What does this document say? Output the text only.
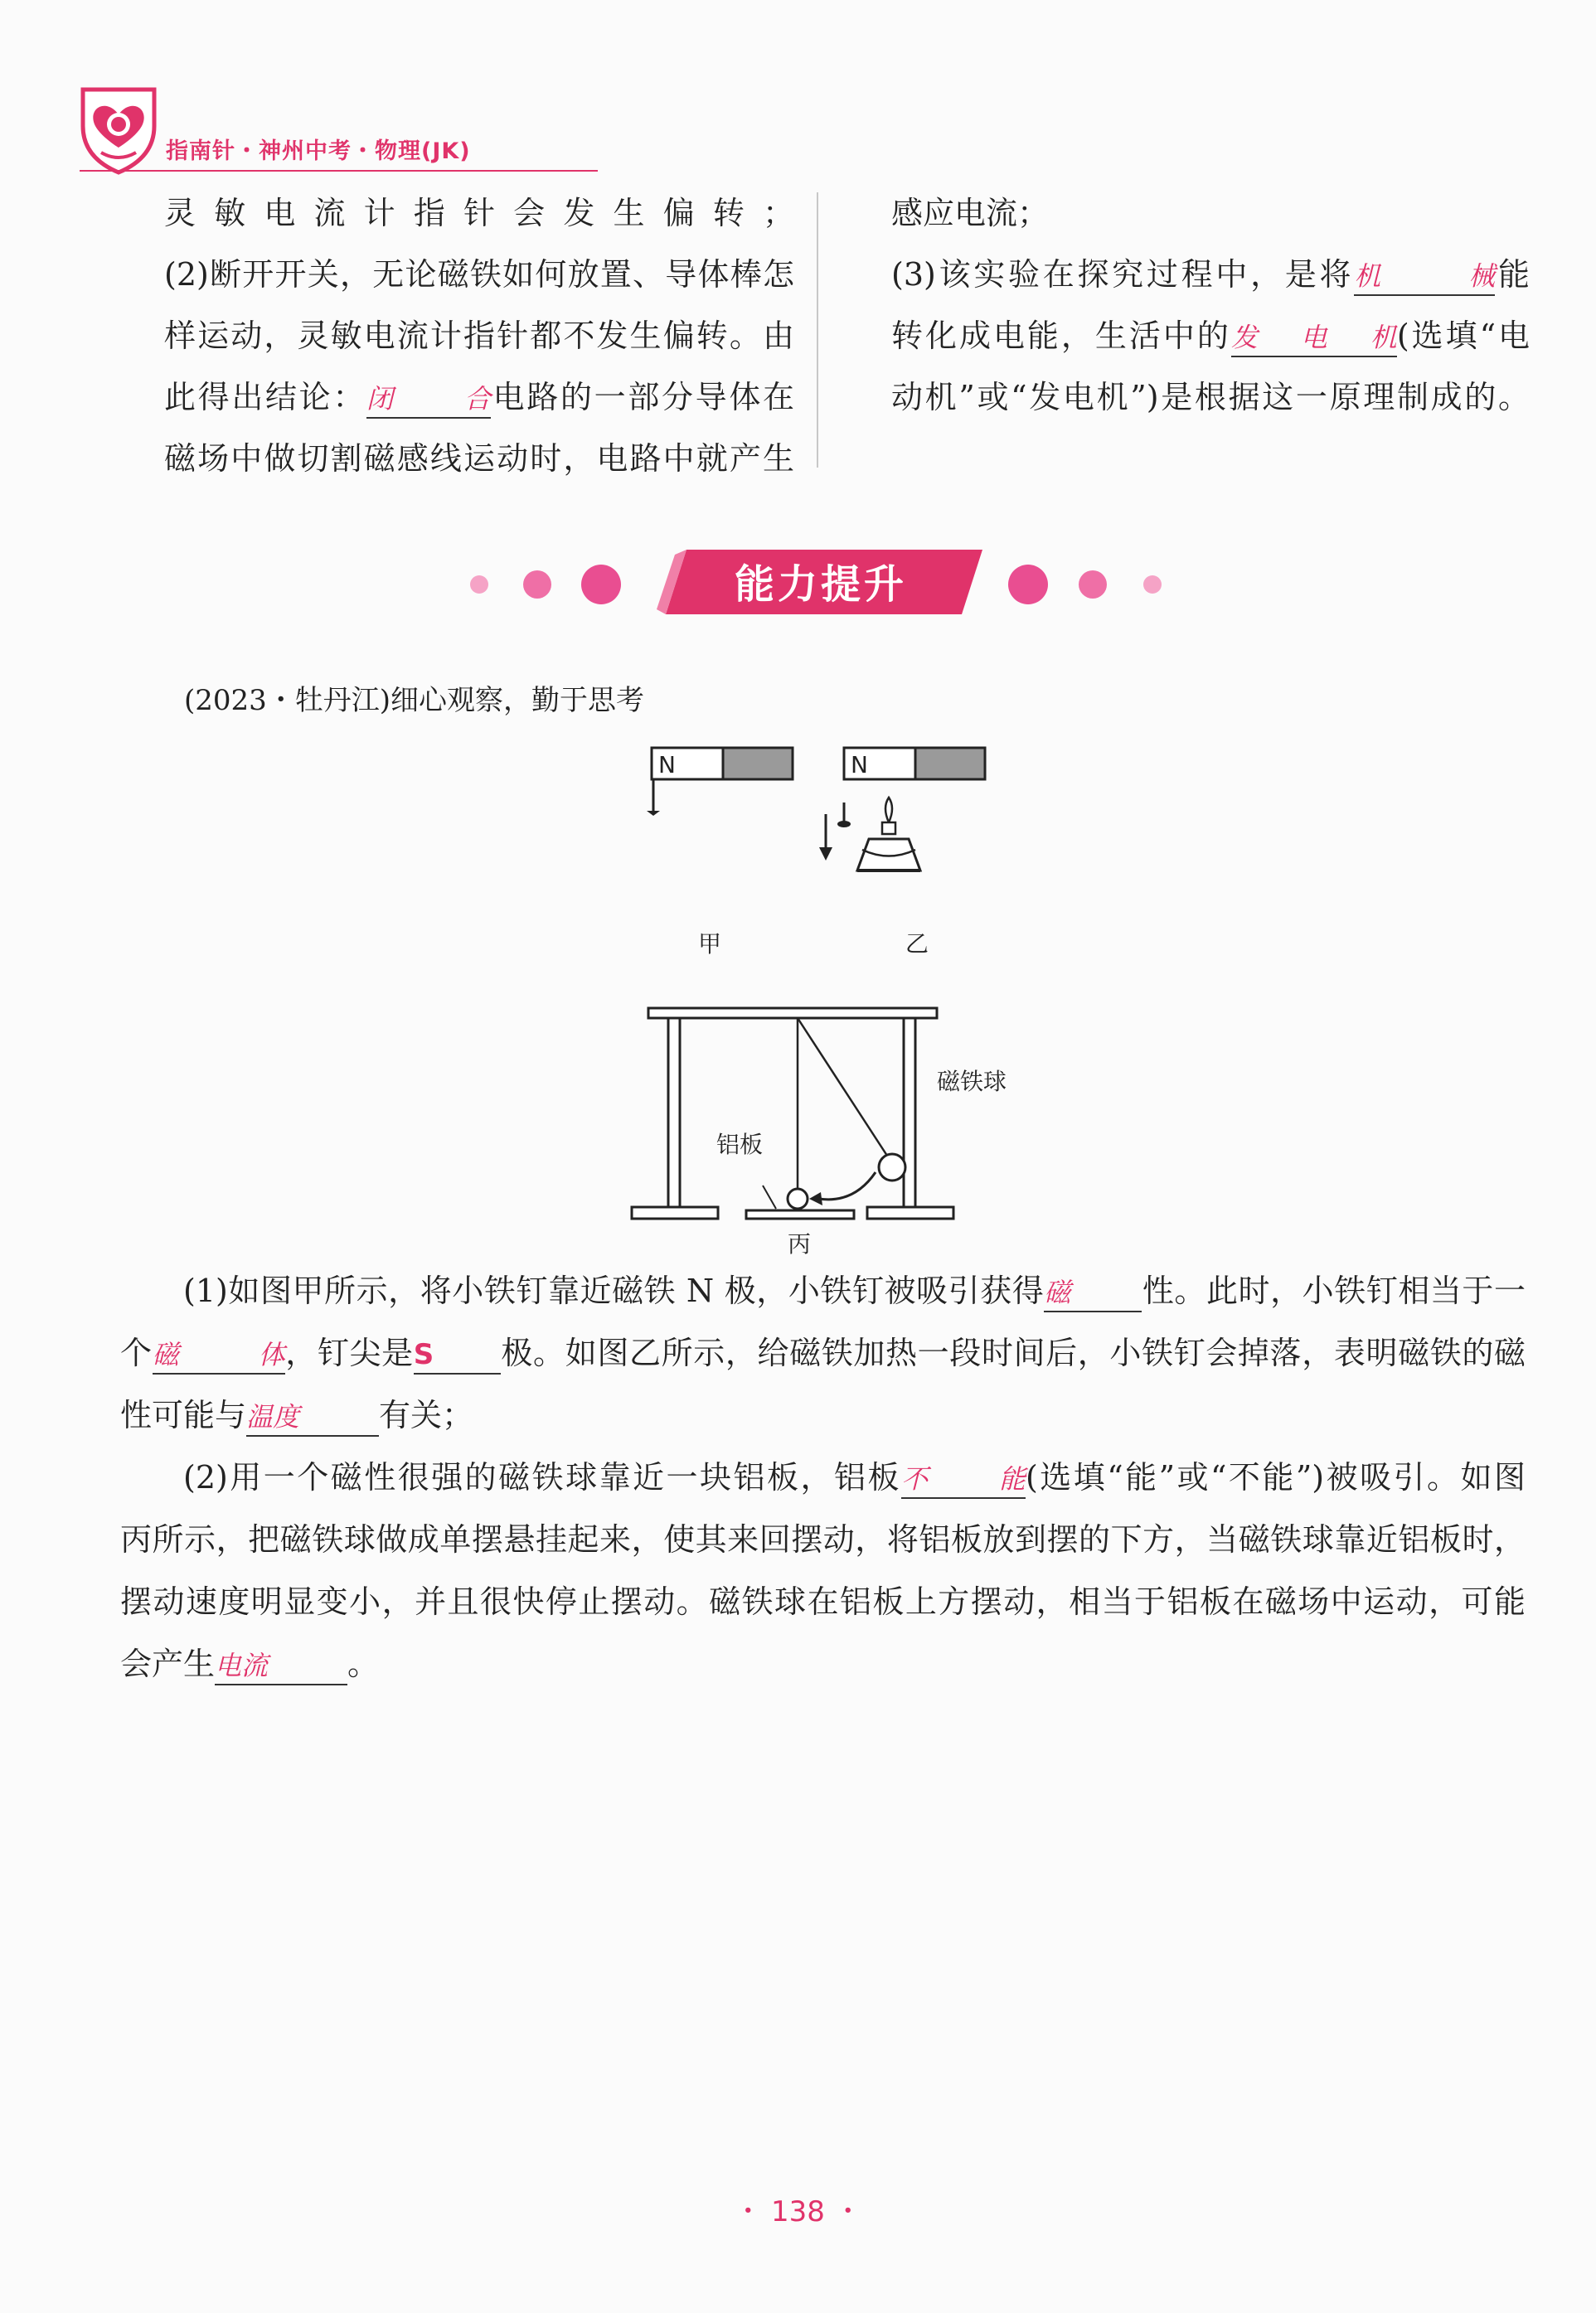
指南针・神州中考・物理(JK)
灵敏电流计指针会发生偏转；
(2)断开开关，无论磁铁如何放置、导体棒怎
样运动，灵敏电流计指针都不发生偏转。由
此得出结论：闭合电路的一部分导体在
磁场中做切割磁感线运动时，电路中就产生
感应电流；
(3)该实验在探究过程中，是将机械能
转化成电能，生活中的发电机(选填“电
动机”或“发电机”)是根据这一原理制成的。
能力提升
(2023・牡丹江)细心观察，勤于思考
N	N
甲	乙
铝板
磁铁球
丙
(1)如图甲所示，将小铁钉靠近磁铁 N 极，小铁钉被吸引获得磁 性。此时，小铁钉相当于一
个磁体，钉尖是S 极。如图乙所示，给磁铁加热一段时间后，小铁钉会掉落，表明磁铁的磁
性可能与温度	有关；
(2)用一个磁性很强的磁铁球靠近一块铝板，铝板不能(选填“能”或“不能”)被吸引。如图
丙所示，把磁铁球做成单摆悬挂起来，使其来回摆动，将铝板放到摆的下方，当磁铁球靠近铝板时，
摆动速度明显变小，并且很快停止摆动。磁铁球在铝板上方摆动，相当于铝板在磁场中运动，可能
会产生电流	。
・ 138 ・
